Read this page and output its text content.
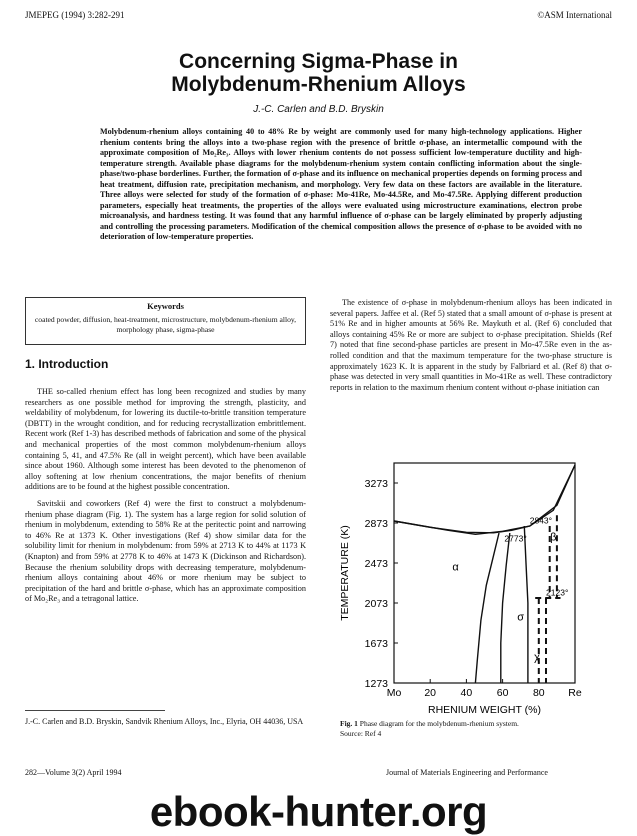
JMEPEG (1994) 3:282-291	©ASM International
Concerning Sigma-Phase in
Molybdenum-Rhenium Alloys
J.-C. Carlen and B.D. Bryskin
Molybdenum-rhenium alloys containing 40 to 48% Re by weight are commonly used for many high-technology applications. Higher rhenium contents bring the alloys into a two-phase region with the presence of brittle σ-phase, an intermetallic compound with the approximate composition of Mo₂Re₃. Alloys with lower rhenium contents do not possess sufficient low-temperature ductility and high-temperature strength. Available phase diagrams for the molybdenum-rhenium system contain conflicting information about the single-phase/two-phase borderlines. Further, the formation of σ-phase and its influence on mechanical properties depends on forming process and heat treatment, diffusion rate, precipitation mechanism, and morphology. Very few data on these factors are available in the literature. Three alloys were selected for study of the formation of σ-phase: Mo-41Re, Mo-44.5Re, and Mo-47.5Re. Applying different production parameters, especially heat treatments, the properties of the alloys were evaluated using microstructure examinations, electron probe microanalysis, and hardness testing. It was found that any harmful influence of σ-phase can be largely eliminated by properly adjusting and controlling the processing parameters. Modification of the chemical composition allows the presence of σ-phase to be avoided with no deterioration of low-temperature properties.
Keywords
coated powder, diffusion, heat-treatment, microstructure, molybdenum-rhenium alloy, morphology phase, sigma-phase
1. Introduction

THE so-called rhenium effect has long been recognized and studies by many researchers as one possible method for improving the strength, plasticity, and weldability of molybdenum, for lowering its ductile-to-brittle transition temperature (DBTT) in the wrought condition, and for reducing recrystallization embrittlement. Recent work (Ref 1-3) has described methods of fabrication and some of the physical and mechanical properties of the most common molybdenum-rhenium alloys containing 5, 41, and 47.5% Re (all in weight percent), which have been available since about 1960. Although some interest has been devoted to the phenomenon of alloy softening at low rhenium concentrations, the major benefits of rhenium additions are to be found at the highest possible concentration.

Savitskii and coworkers (Ref 4) were the first to construct a molybdenum-rhenium phase diagram (Fig. 1). The system has a large region for solid solution of rhenium in molybdenum, extending to 58% Re at the peritectic point and narrowing to 46% Re at 1373 K. Other investigations (Ref 4) show similar data for the solubility limit for rhenium in molybdenum: from 59% at 2713 K to 44% at 1173 K (Knapton) and from 59% at 2778 K to 46% at 1473 K (Dickinson and Richardson). Because the rhenium solubility drops with decreasing temperature, molybdenum-rhenium alloys containing about 46% or more rhenium may be subject to precipitation of the hard and brittle σ-phase, which has an approximate composition of Mo₂Re₃ and a tetragonal lattice.

The existence of σ-phase in molybdenum-rhenium alloys has been indicated in several papers. Jaffee et al. (Ref 5) stated that a small amount of σ-phase is present at 51% Re and in higher amounts at 56% Re. Maykuth et al. (Ref 6) concluded that alloys containing 45% Re or more are subject to σ-phase precipitation. Shields (Ref 7) noted that fine second-phase particles are present in Mo-47.5Re even in the as-rolled condition and that the maximum temperature for the two-phase structure is approximately 1623 K. It is apparent in the study by Falbriard et al. (Ref 8) that σ-phase was detected in very small quantities in Mo-41Re as well. These contradictory reports in relation to the maximum rhenium content without σ-phase initiation can

1273
1673
2073
2473
2873
3273
Mo 20 40 60 80 Re
RHENIUM WEIGHT (%)
TEMPERATURE (K)	α
β
σ
χ
2843°
2773°
2123°
J.-C. Carlen and B.D. Bryskin, Sandvik Rhenium Alloys, Inc., Elyria, OH 44036, USA	Fig. 1 Phase diagram for the molybdenum-rhenium system.
Source: Ref 4
282—Volume 3(2) April 1994	Journal of Materials Engineering and Performance
ebook-hunter.org
